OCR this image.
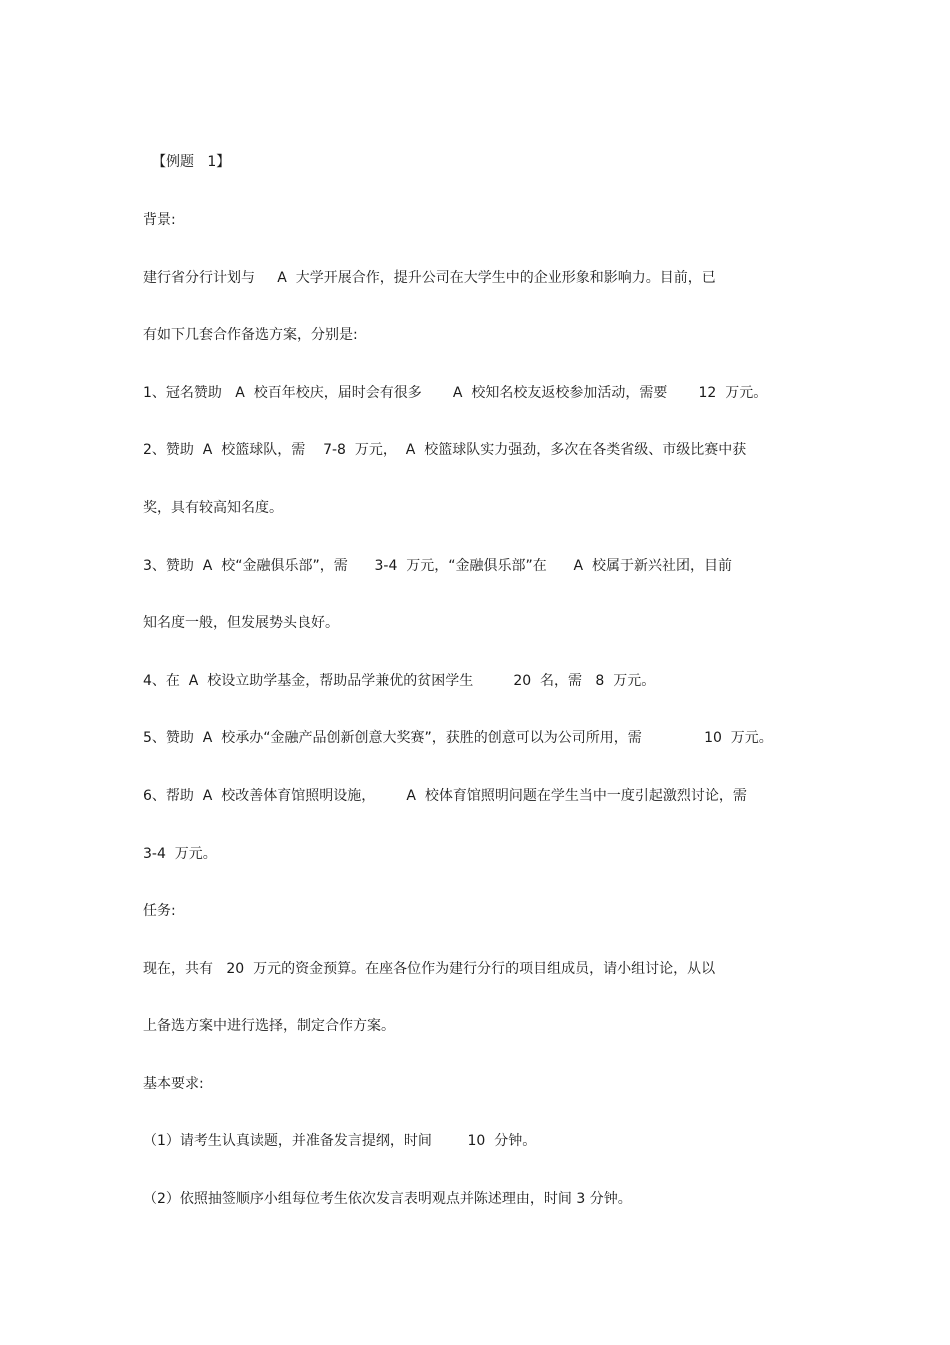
【例题   1】
背景:
建行省分行计划与     A  大学开展合作，提升公司在大学生中的企业形象和影响力。目前，已
有如下几套合作备选方案，分别是:
1、冠名赞助   A  校百年校庆，届时会有很多       A  校知名校友返校参加活动，需要       12  万元。
2、赞助  A  校篮球队，需    7-8  万元，  A  校篮球队实力强劲，多次在各类省级、市级比赛中获
奖，具有较高知名度。
3、赞助  A  校“金融俱乐部”，需      3-4  万元，“金融俱乐部”在      A  校属于新兴社团，目前
知名度一般，但发展势头良好。
4、在  A  校设立助学基金，帮助品学兼优的贫困学生         20  名，需   8  万元。
5、赞助  A  校承办“金融产品创新创意大奖赛”，获胜的创意可以为公司所用，需              10  万元。
6、帮助  A  校改善体育馆照明设施，       A  校体育馆照明问题在学生当中一度引起激烈讨论，需
3-4  万元。
任务:
现在，共有   20  万元的资金预算。在座各位作为建行分行的项目组成员，请小组讨论，从以
上备选方案中进行选择，制定合作方案。
基本要求:
（1）请考生认真读题，并准备发言提纲，时间        10  分钟。
（2）依照抽签顺序小组每位考生依次发言表明观点并陈述理由，时间 3 分钟。
